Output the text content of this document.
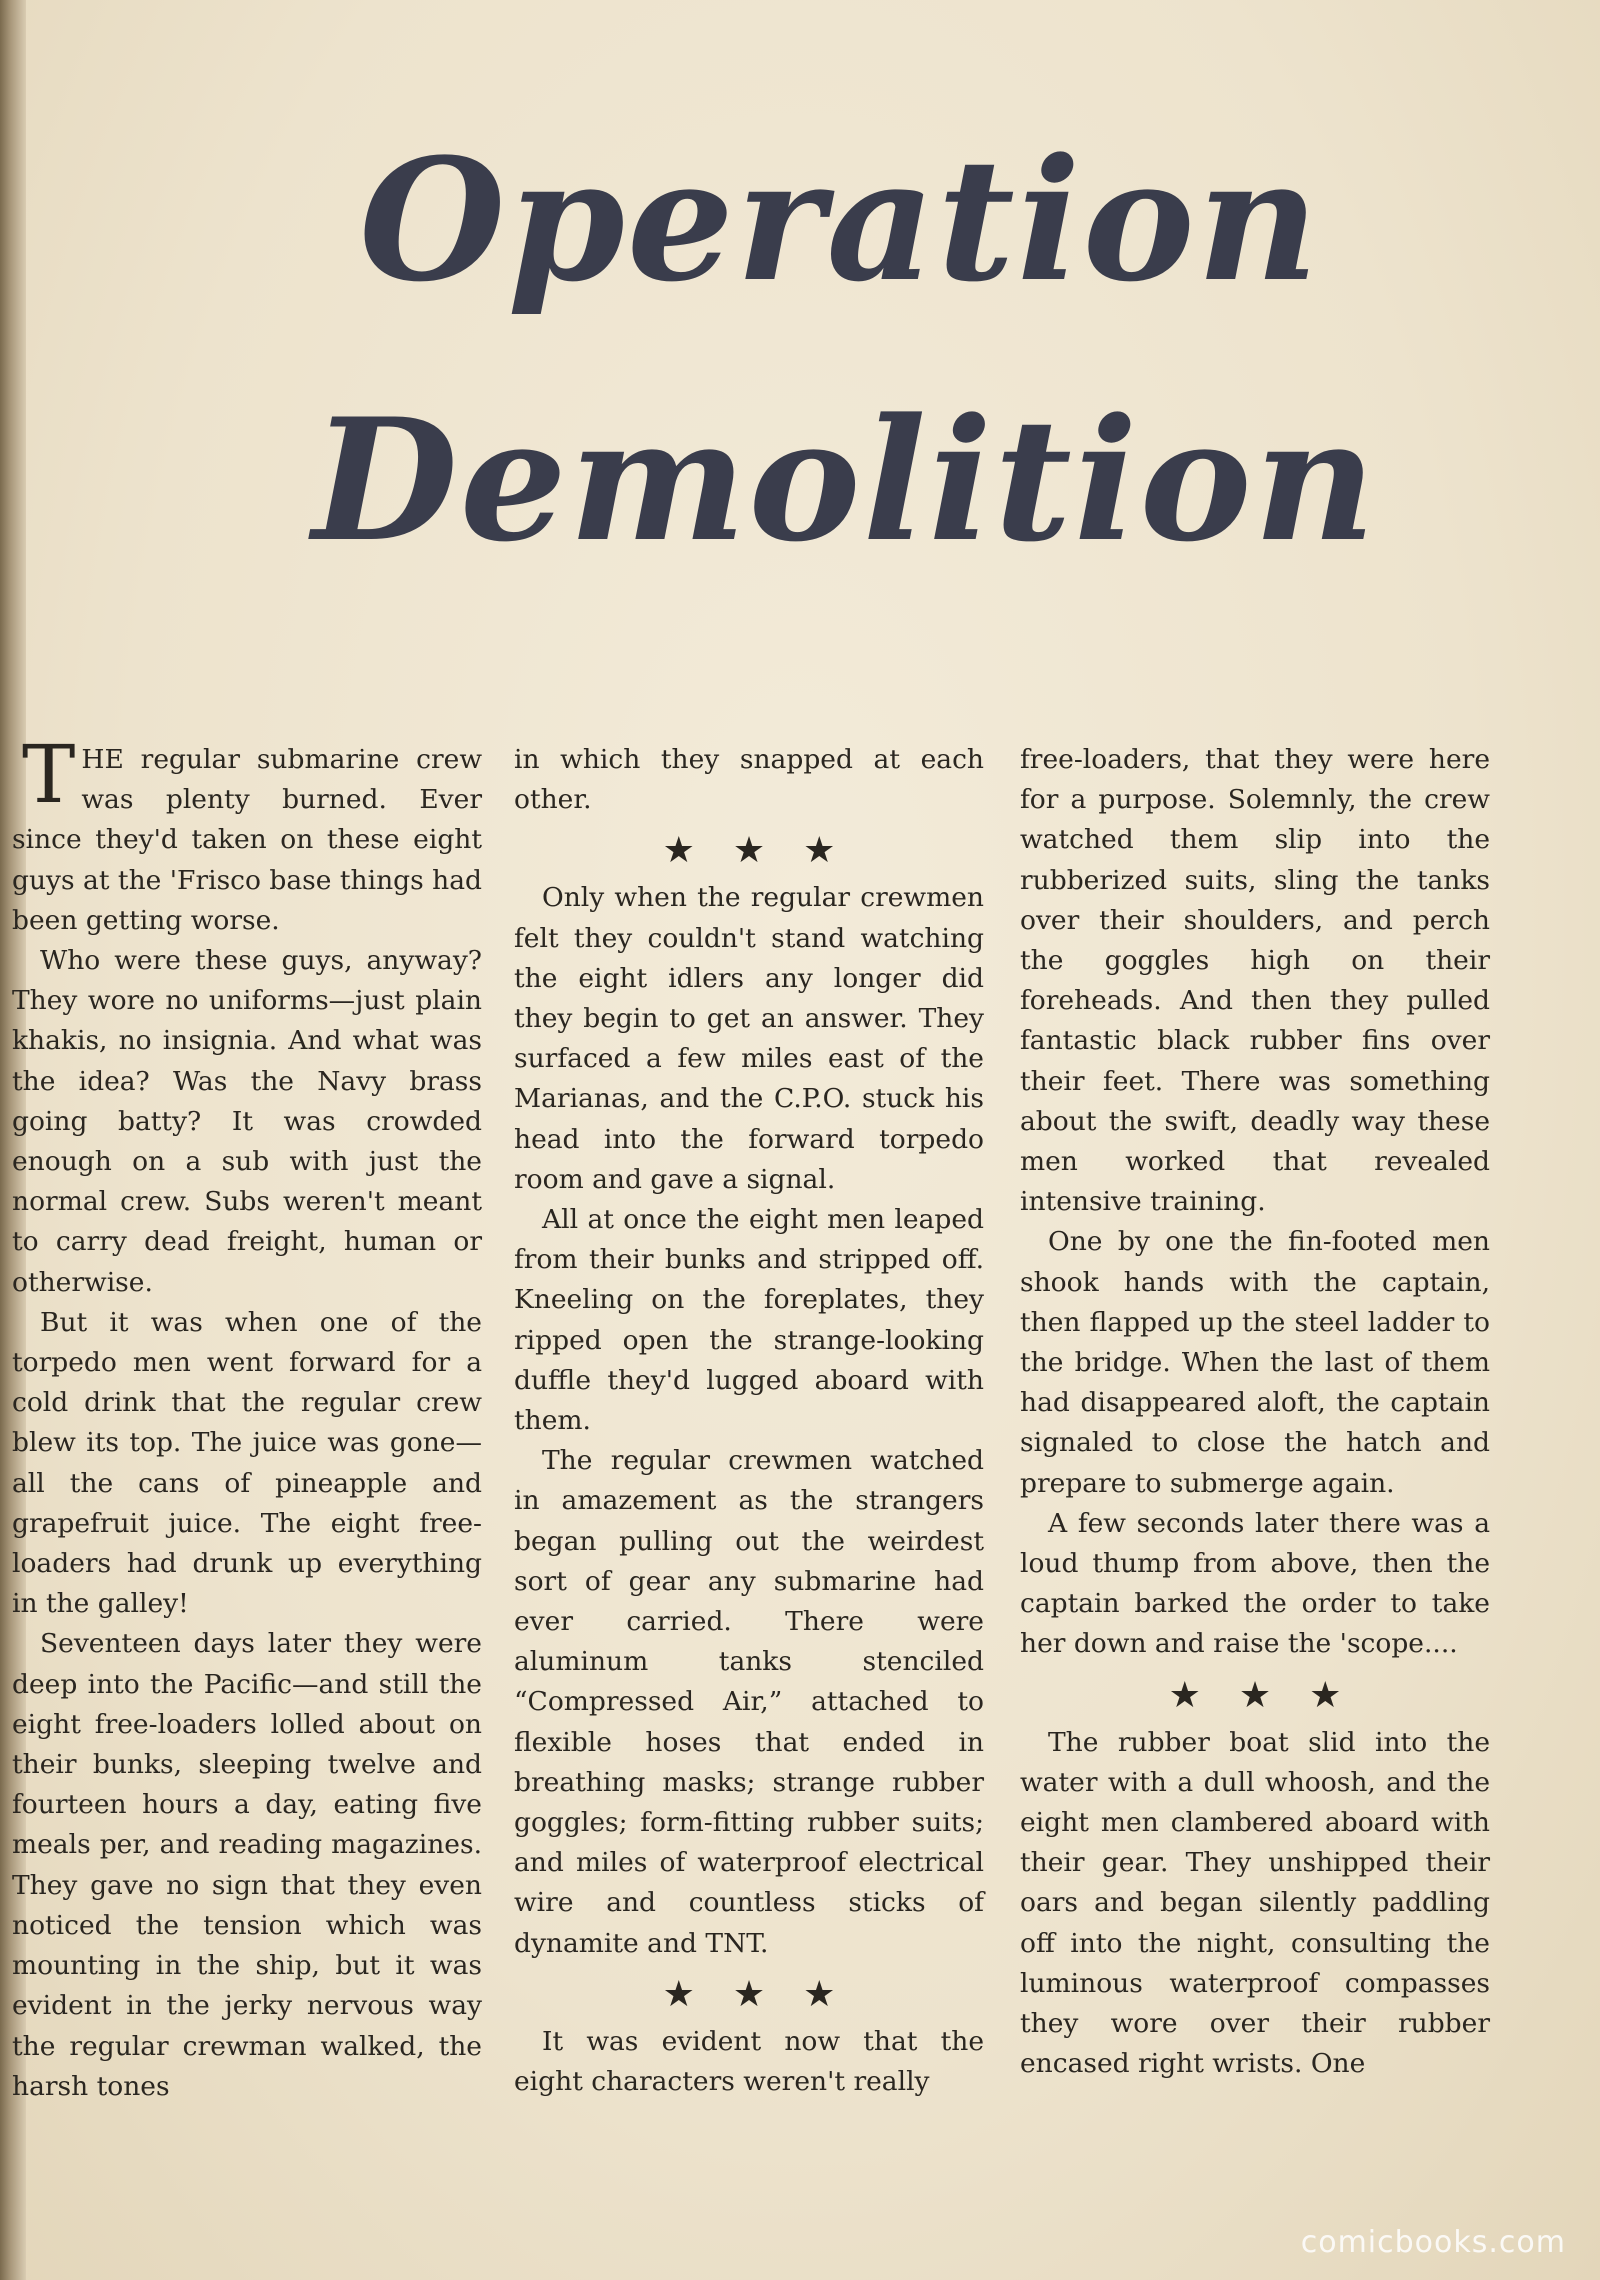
Operation
Demolition

THE regular submarine crew was plenty burned. Ever since they'd taken on these eight guys at the 'Frisco base things had been getting worse.

Who were these guys, anyway? They wore no uniforms—just plain khakis, no insignia. And what was the idea? Was the Navy brass going batty? It was crowded enough on a sub with just the normal crew. Subs weren't meant to carry dead freight, human or otherwise.

But it was when one of the torpedo men went forward for a cold drink that the regular crew blew its top. The juice was gone—all the cans of pineapple and grapefruit juice. The eight free-loaders had drunk up everything in the galley!

Seventeen days later they were deep into the Pacific—and still the eight free-loaders lolled about on their bunks, sleeping twelve and fourteen hours a day, eating five meals per, and reading magazines. They gave no sign that they even noticed the tension which was mounting in the ship, but it was evident in the jerky nervous way the regular crewman walked, the harsh tones

in which they snapped at each other.

★★★

Only when the regular crewmen felt they couldn't stand watching the eight idlers any longer did they begin to get an answer. They surfaced a few miles east of the Marianas, and the C.P.O. stuck his head into the forward torpedo room and gave a signal.

All at once the eight men leaped from their bunks and stripped off. Kneeling on the foreplates, they ripped open the strange-looking duffle they'd lugged aboard with them.

The regular crewmen watched in amazement as the strangers began pulling out the weirdest sort of gear any submarine had ever carried. There were aluminum tanks stenciled “Compressed Air,” attached to flexible hoses that ended in breathing masks; strange rubber goggles; form-fitting rubber suits; and miles of waterproof electrical wire and countless sticks of dynamite and TNT.

★★★

It was evident now that the eight characters weren't really

free-loaders, that they were here for a purpose. Solemnly, the crew watched them slip into the rubberized suits, sling the tanks over their shoulders, and perch the goggles high on their foreheads. And then they pulled fantastic black rubber fins over their feet. There was something about the swift, deadly way these men worked that revealed intensive training.

One by one the fin-footed men shook hands with the captain, then flapped up the steel ladder to the bridge. When the last of them had disappeared aloft, the captain signaled to close the hatch and prepare to submerge again.

A few seconds later there was a loud thump from above, then the captain barked the order to take her down and raise the 'scope....

★★★

The rubber boat slid into the water with a dull whoosh, and the eight men clambered aboard with their gear. They unshipped their oars and began silently paddling off into the night, consulting the luminous waterproof compasses they wore over their rubber encased right wrists. One

comicbooks.com
